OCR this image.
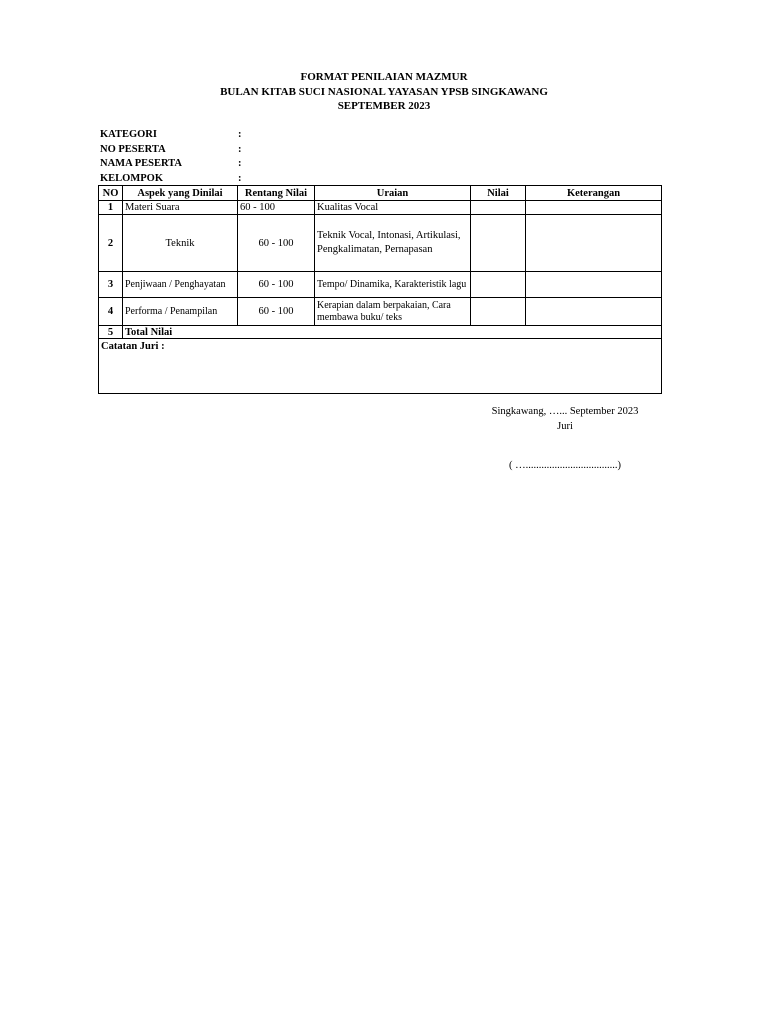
FORMAT PENILAIAN MAZMUR
BULAN KITAB SUCI NASIONAL YAYASAN YPSB SINGKAWANG
SEPTEMBER 2023
KATEGORI	:
NO PESERTA	:
NAMA PESERTA	:
KELOMPOK	:
NO	Aspek yang Dinilai	Rentang Nilai	Uraian	Nilai	Keterangan
1	Materi Suara	60 - 100	Kualitas Vocal		
2	Teknik	60 - 100	Teknik Vocal, Intonasi, Artikulasi, Pengkalimatan, Pernapasan		
3	Penjiwaan / Penghayatan	60 - 100	Tempo/ Dinamika, Karakteristik lagu		
4	Performa / Penampilan	60 - 100	Kerapian dalam berpakaian, Cara membawa buku/ teks		
5	Total Nilai				
Catatan Juri :					
Singkawang, …... September 2023
Juri
( …...................................)
